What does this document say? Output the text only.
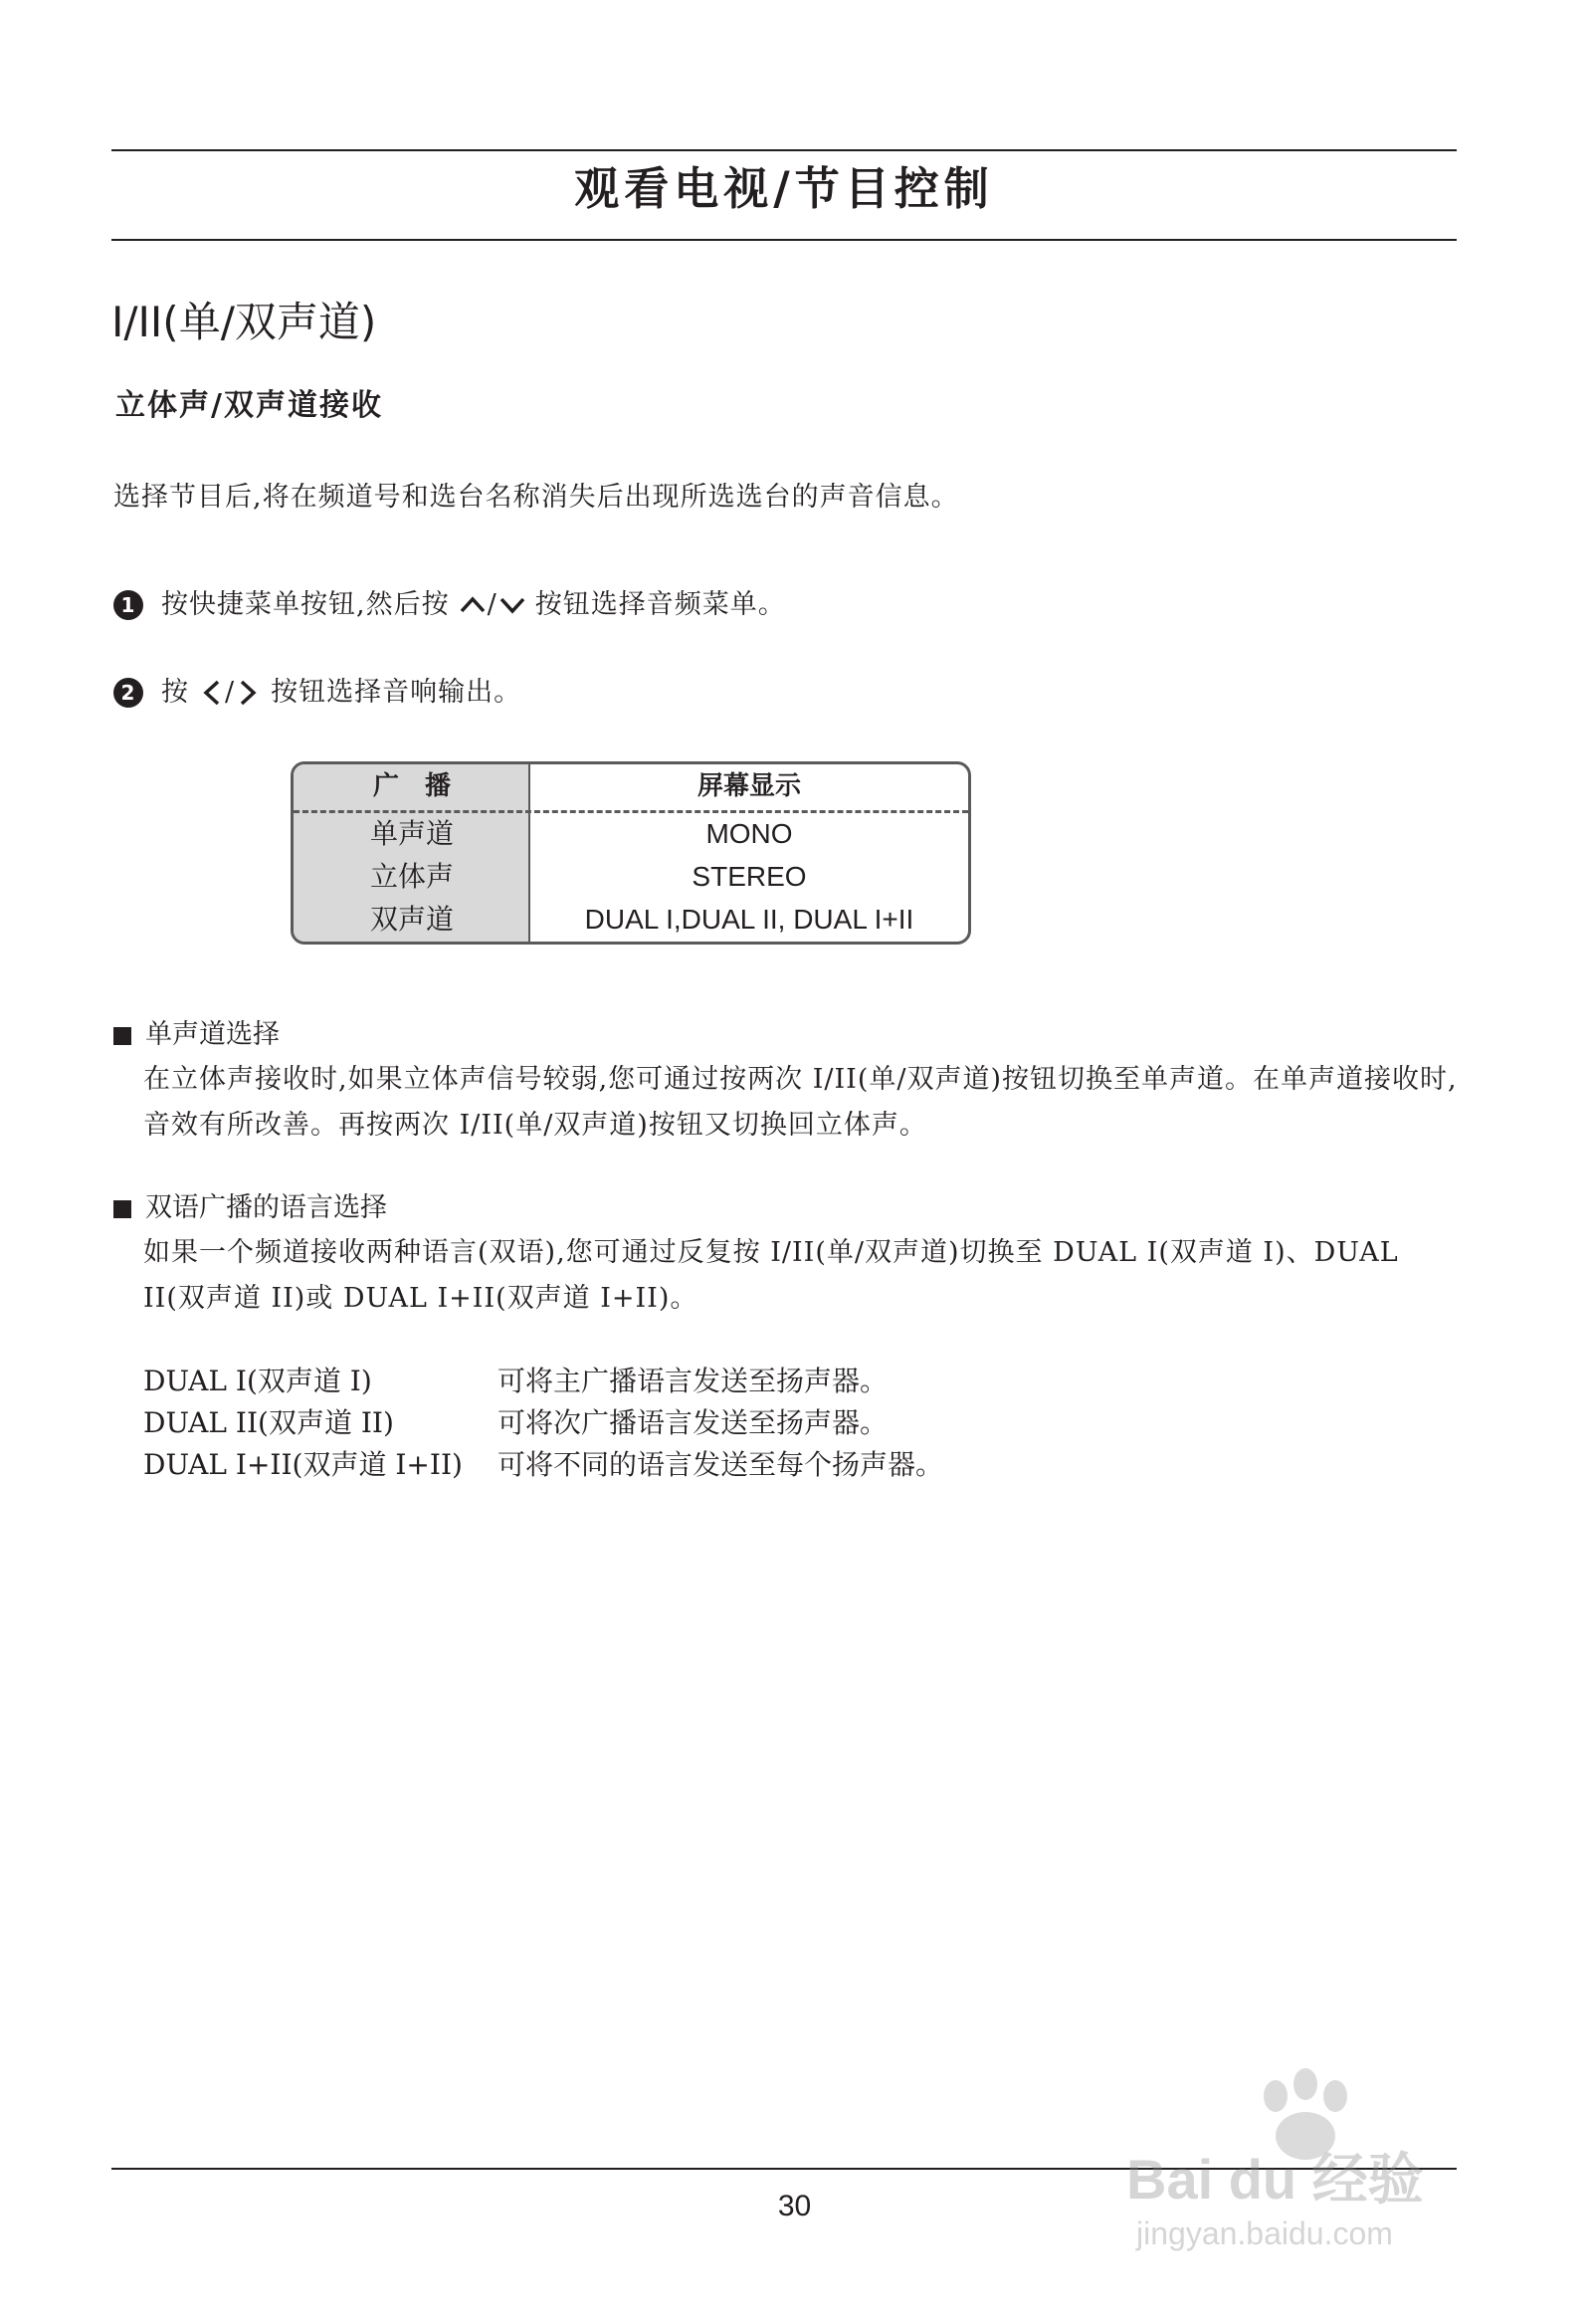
观看电视/节目控制
I/II(单/双声道)
立体声/双声道接收
选择节目后,将在频道号和选台名称消失后出现所选选台的声音信息。
1 按快捷菜单按钮,然后按 / 按钮选择音频菜单。
2 按 / 按钮选择音响输出。
广　播	屏幕显示
单声道	MONO
立体声	STEREO
双声道	DUAL I,DUAL II, DUAL I+II
单声道选择
在立体声接收时,如果立体声信号较弱,您可通过按两次 I/II(单/双声道)按钮切换至单声道。在单声道接收时,音效有所改善。再按两次 I/II(单/双声道)按钮又切换回立体声。
双语广播的语言选择
如果一个频道接收两种语言(双语),您可通过反复按 I/II(单/双声道)切换至 DUAL I(双声道 I)、DUAL II(双声道 II)或 DUAL I+II(双声道 I+II)。
DUAL I(双声道 I)	可将主广播语言发送至扬声器。
DUAL II(双声道 II)	可将次广播语言发送至扬声器。
DUAL I+II(双声道 I+II) 可将不同的语言发送至每个扬声器。
30	Bai du 经验
jingyan.baidu.com
